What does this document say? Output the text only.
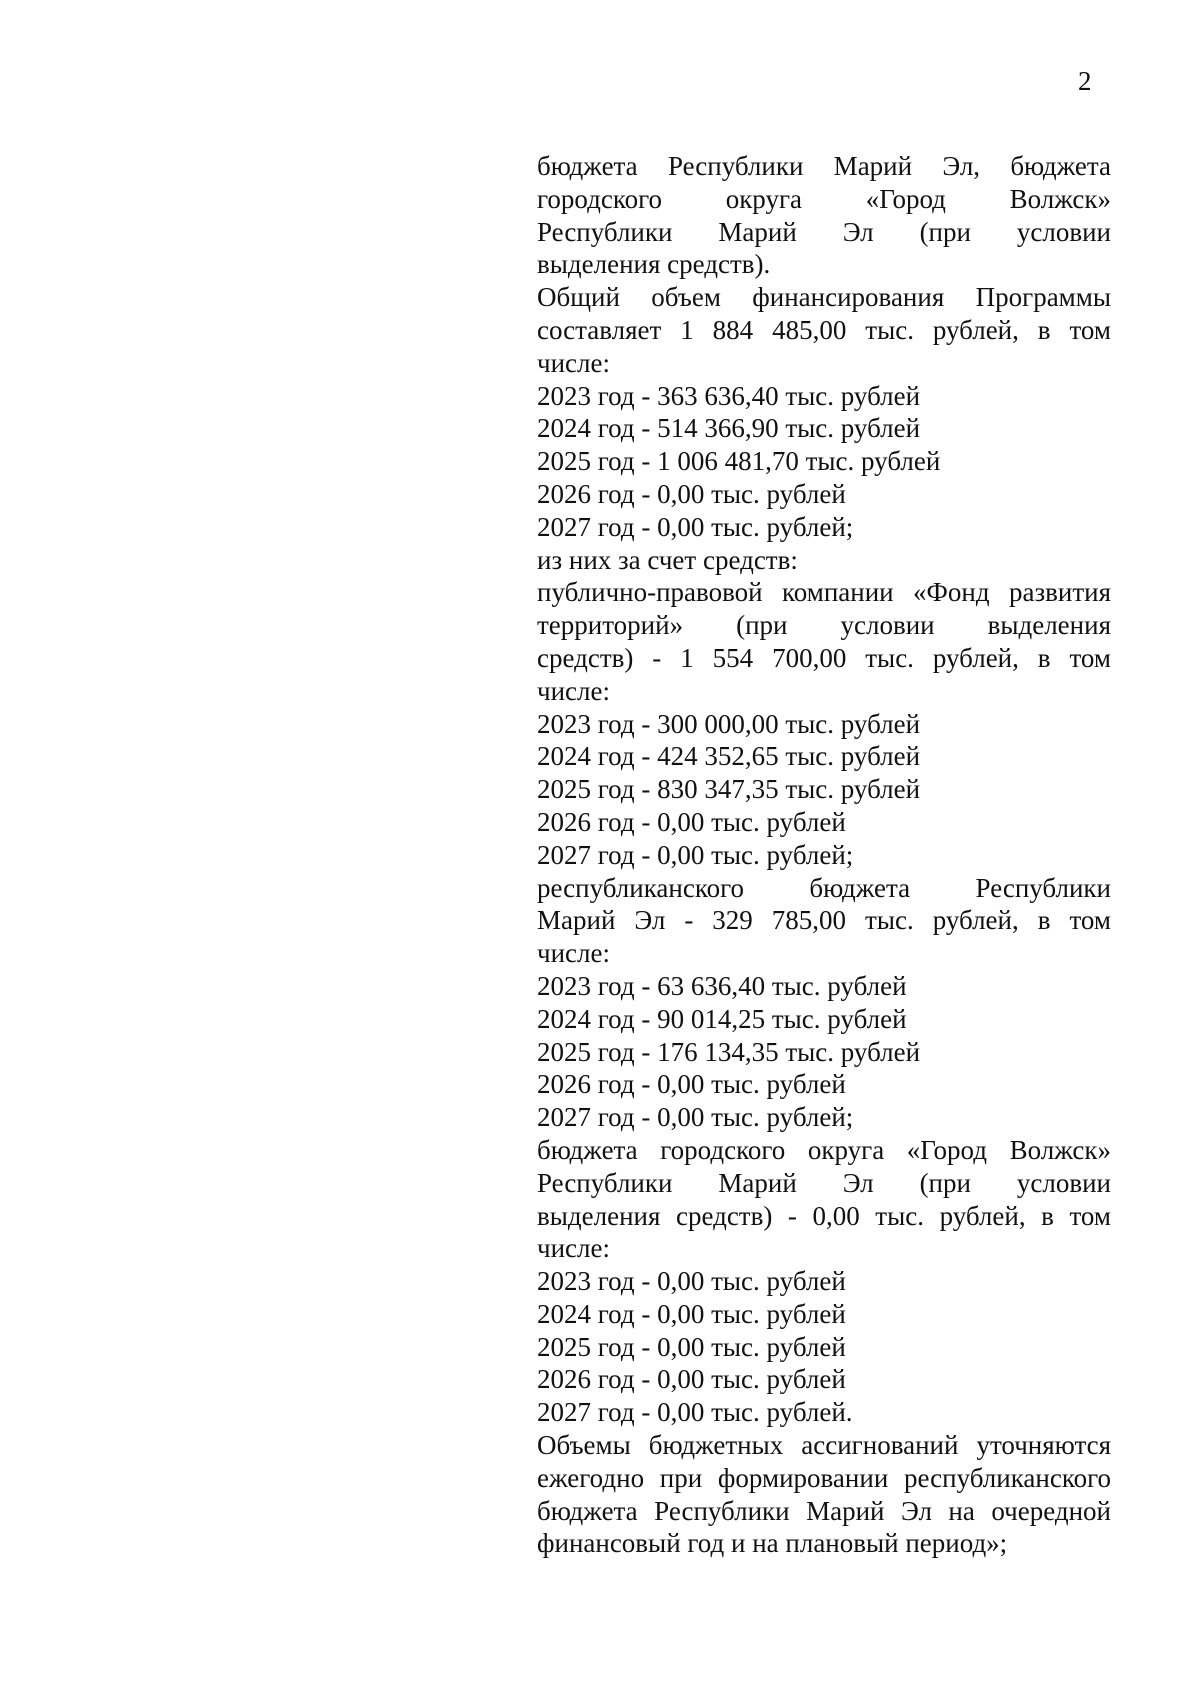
2
бюджета Республики Марий Эл, бюджета
городского округа «Город Волжск»
Республики Марий Эл (при условии
выделения средств).
Общий объем финансирования Программы
составляет 1 884 485,00 тыс. рублей, в том
числе:
2023 год - 363 636,40 тыс. рублей
2024 год - 514 366,90 тыс. рублей
2025 год - 1 006 481,70 тыс. рублей
2026 год - 0,00 тыс. рублей
2027 год - 0,00 тыс. рублей;
из них за счет средств:
публично-правовой компании «Фонд развития
территорий» (при условии выделения
средств) - 1 554 700,00 тыс. рублей, в том
числе:
2023 год - 300 000,00 тыс. рублей
2024 год - 424 352,65 тыс. рублей
2025 год - 830 347,35 тыс. рублей
2026 год - 0,00 тыс. рублей
2027 год - 0,00 тыс. рублей;
республиканского бюджета Республики
Марий Эл - 329 785,00 тыс. рублей, в том
числе:
2023 год - 63 636,40 тыс. рублей
2024 год - 90 014,25 тыс. рублей
2025 год - 176 134,35 тыс. рублей
2026 год - 0,00 тыс. рублей
2027 год - 0,00 тыс. рублей;
бюджета городского округа «Город Волжск»
Республики Марий Эл (при условии
выделения средств) - 0,00 тыс. рублей, в том
числе:
2023 год - 0,00 тыс. рублей
2024 год - 0,00 тыс. рублей
2025 год - 0,00 тыс. рублей
2026 год - 0,00 тыс. рублей
2027 год - 0,00 тыс. рублей.
Объемы бюджетных ассигнований уточняются
ежегодно при формировании республиканского
бюджета Республики Марий Эл на очередной
финансовый год и на плановый период»;
